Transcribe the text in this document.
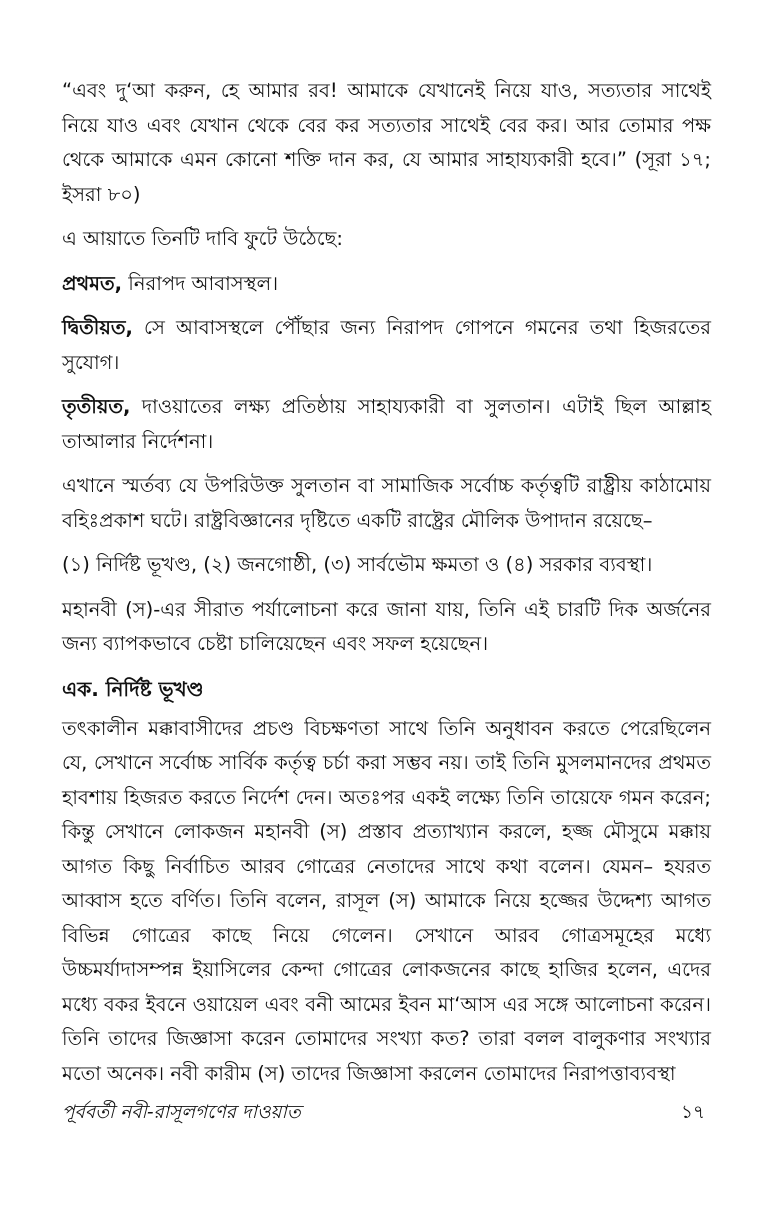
“এবং দু‘আ করুন, হে আমার রব! আমাকে যেখানেই নিয়ে যাও, সত্যতার সাথেই নিয়ে যাও এবং যেখান থেকে বের কর সত্যতার সাথেই বের কর। আর তোমার পক্ষ থেকে আমাকে এমন কোনো শক্তি দান কর, যে আমার সাহায্যকারী হবে।” (সূরা ১৭; ইসরা ৮০)

এ আয়াতে তিনটি দাবি ফুটে উঠেছে:

প্রথমত, নিরাপদ আবাসস্থল।

দ্বিতীয়ত, সে আবাসস্থলে পৌঁছার জন্য নিরাপদ গোপনে গমনের তথা হিজরতের সুযোগ।

তৃতীয়ত, দাওয়াতের লক্ষ্য প্রতিষ্ঠায় সাহায্যকারী বা সুলতান। এটাই ছিল আল্লাহ তাআলার নির্দেশনা।

এখানে স্মর্তব্য যে উপরিউক্ত সুলতান বা সামাজিক সর্বোচ্চ কর্তৃত্বটি রাষ্ট্রীয় কাঠামোয় বহিঃপ্রকাশ ঘটে। রাষ্ট্রবিজ্ঞানের দৃষ্টিতে একটি রাষ্ট্রের মৌলিক উপাদান রয়েছে–

(১) নির্দিষ্ট ভূখণ্ড, (২) জনগোষ্ঠী, (৩) সার্বভৌম ক্ষমতা ও (৪) সরকার ব্যবস্থা।

মহানবী (স)-এর সীরাত পর্যালোচনা করে জানা যায়, তিনি এই চারটি দিক অর্জনের জন্য ব্যাপকভাবে চেষ্টা চালিয়েছেন এবং সফল হয়েছেন।

এক. নির্দিষ্ট ভূখণ্ড

তৎকালীন মক্কাবাসীদের প্রচণ্ড বিচক্ষণতা সাথে তিনি অনুধাবন করতে পেরেছিলেন যে, সেখানে সর্বোচ্চ সার্বিক কর্তৃত্ব চর্চা করা সম্ভব নয়। তাই তিনি মুসলমানদের প্রথমত হাবশায় হিজরত করতে নির্দেশ দেন। অতঃপর একই লক্ষ্যে তিনি তায়েফে গমন করেন; কিন্তু সেখানে লোকজন মহানবী (স) প্রস্তাব প্রত্যাখ্যান করলে, হজ্জ মৌসুমে মক্কায় আগত কিছু নির্বাচিত আরব গোত্রের নেতাদের সাথে কথা বলেন। যেমন– হযরত আব্বাস হতে বর্ণিত। তিনি বলেন, রাসূল (স) আমাকে নিয়ে হজ্জের উদ্দেশ্য আগত বিভিন্ন গোত্রের কাছে নিয়ে গেলেন। সেখানে আরব গোত্রসমূহের মধ্যে উচ্চমর্যাদাসম্পন্ন ইয়াসিলের কেন্দা গোত্রের লোকজনের কাছে হাজির হলেন, এদের মধ্যে বকর ইবনে ওয়ায়েল এবং বনী আমের ইবন মা‘আস এর সঙ্গে আলোচনা করেন। তিনি তাদের জিজ্ঞাসা করেন তোমাদের সংখ্যা কত? তারা বলল বালুকণার সংখ্যার মতো অনেক। নবী কারীম (স) তাদের জিজ্ঞাসা করলেন তোমাদের নিরাপত্তাব্যবস্থা

পূর্ববর্তী নবী-রাসূলগণের দাওয়াত	১৭
